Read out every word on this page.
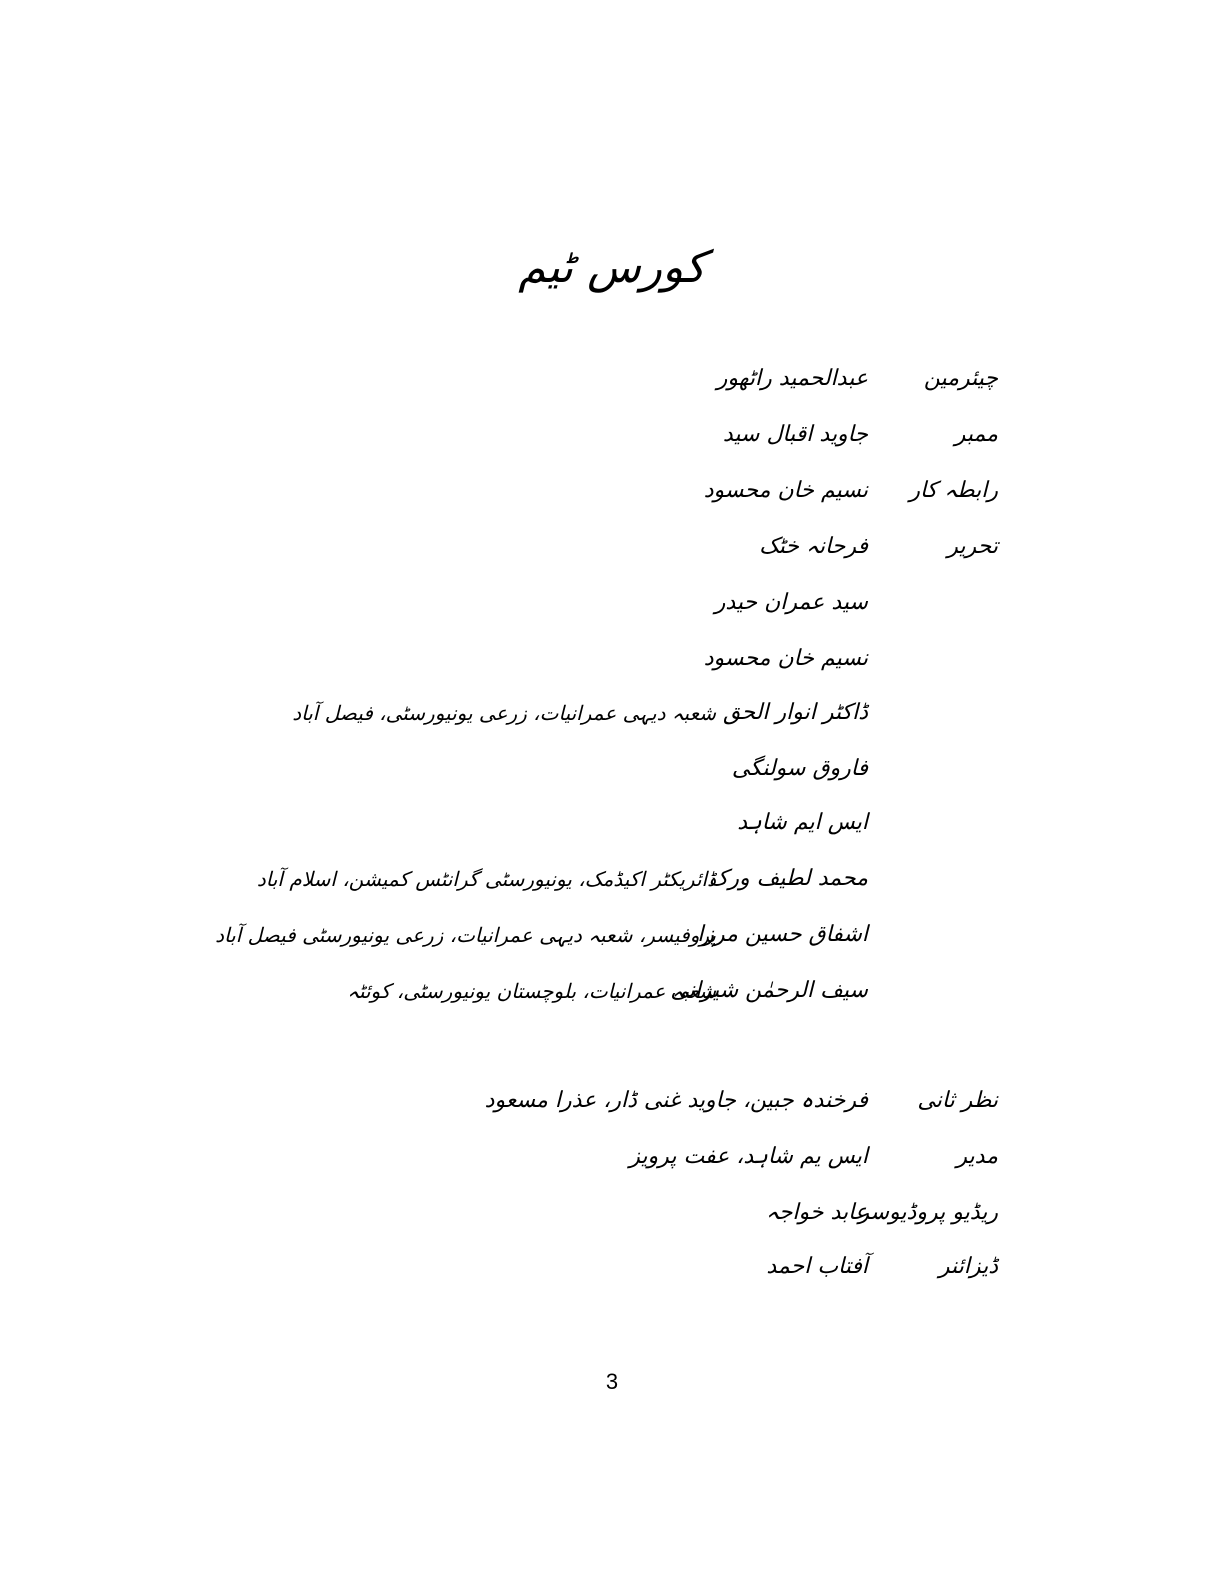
کورس ٹیم
چیئرمین
عبدالحمید راٹھور
ممبر
جاوید اقبال سید
رابطہ کار
نسیم خان محسود
تحریر
فرحانہ خٹک
سید عمران حیدر
نسیم خان محسود
ڈاکٹر انوار الحق
شعبہ دیہی عمرانیات، زرعی یونیورسٹی، فیصل آباد
فاروق سولنگی
ایس ایم شاہد
محمد لطیف ورک
ڈائریکٹر اکیڈمک، یونیورسٹی گرانٹس کمیشن، اسلام آباد
اشفاق حسین مرزا
پروفیسر، شعبہ دیہی عمرانیات، زرعی یونیورسٹی فیصل آباد
سیف الرحمٰن شیرانی
شعبہ عمرانیات، بلوچستان یونیورسٹی، کوئٹہ
نظر ثانی
فرخندہ جبین، جاوید غنی ڈار، عذرا مسعود
مدیر
ایس یم شاہد، عفت پرویز
ریڈیو پروڈیوسر
عابد خواجہ
ڈیزائنر
آفتاب احمد
3
